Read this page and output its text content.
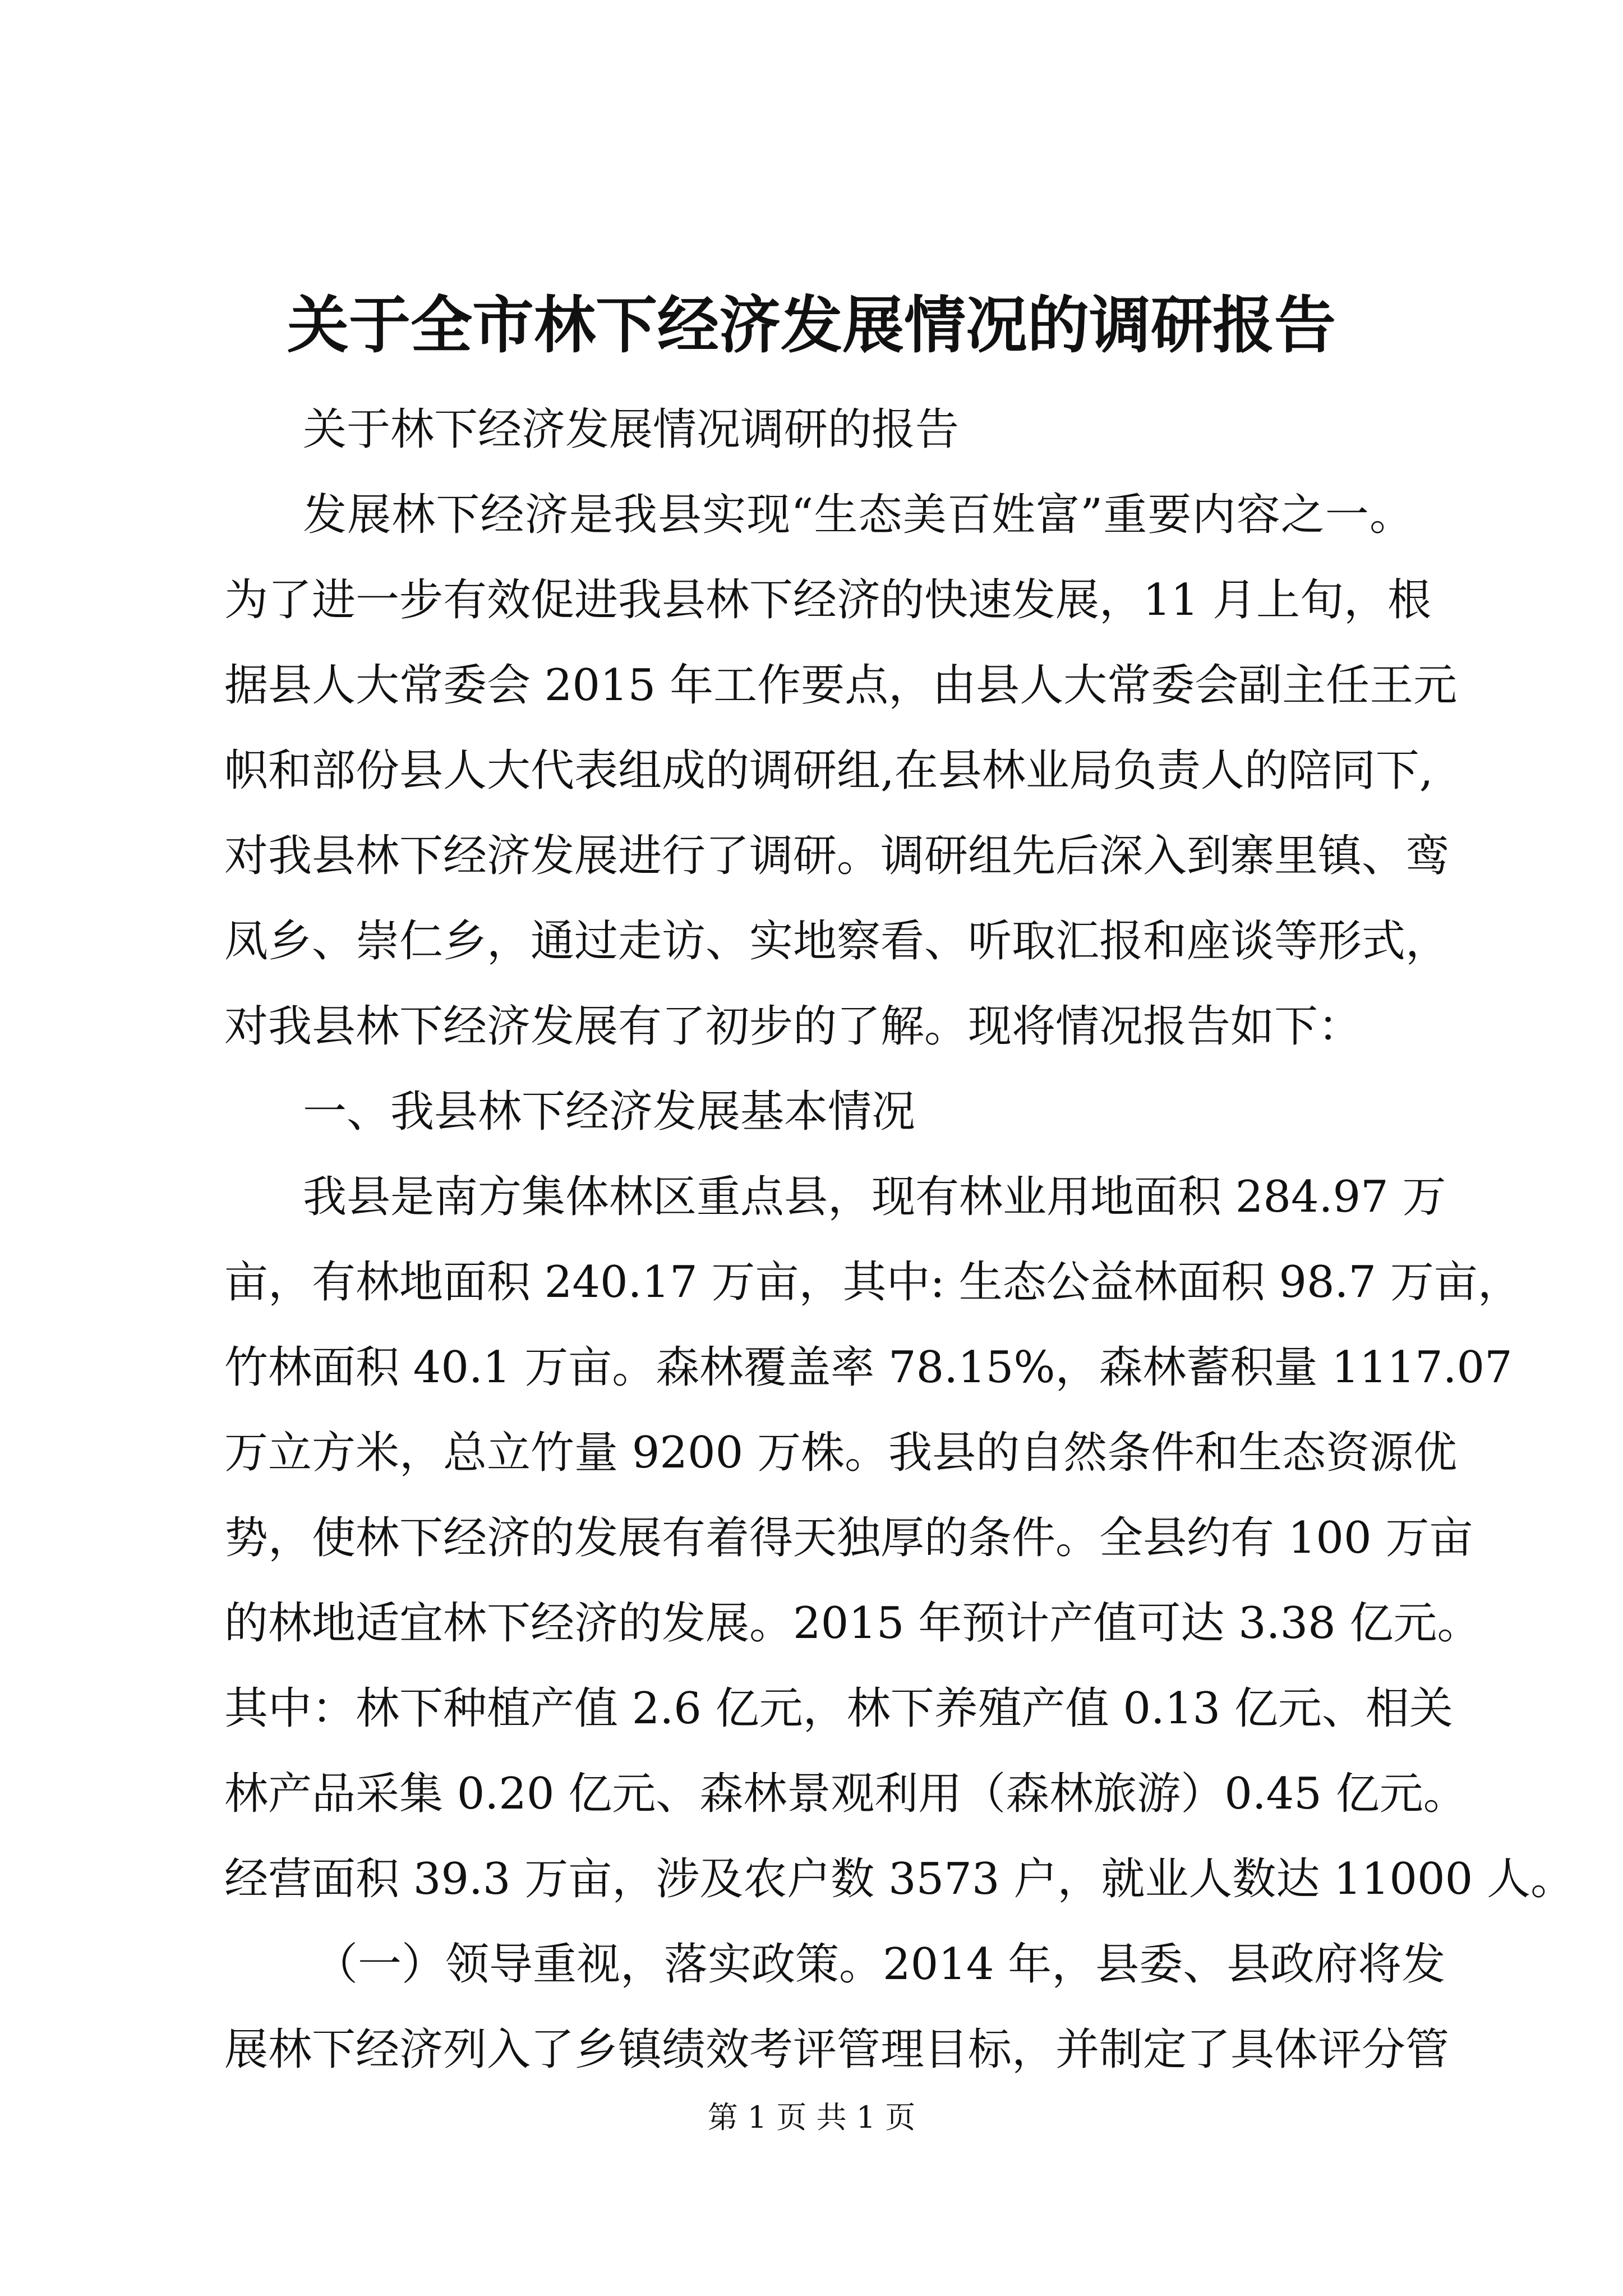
关于全市林下经济发展情况的调研报告
关于林下经济发展情况调研的报告
发展林下经济是我县实现“生态美百姓富”重要内容之一。
为了进一步有效促进我县林下经济的快速发展，11 月上旬，根
据县人大常委会 2015 年工作要点，由县人大常委会副主任王元
帜和部份县人大代表组成的调研组,在县林业局负责人的陪同下,
对我县林下经济发展进行了调研。调研组先后深入到寨里镇、鸾
凤乡、崇仁乡，通过走访、实地察看、听取汇报和座谈等形式，
对我县林下经济发展有了初步的了解。现将情况报告如下：
一、我县林下经济发展基本情况
我县是南方集体林区重点县，现有林业用地面积 284.97 万
亩，有林地面积 240.17 万亩，其中: 生态公益林面积 98.7 万亩，
竹林面积 40.1 万亩。森林覆盖率 78.15%，森林蓄积量 1117.07
万立方米，总立竹量 9200 万株。我县的自然条件和生态资源优
势，使林下经济的发展有着得天独厚的条件。全县约有 100 万亩
的林地适宜林下经济的发展。2015 年预计产值可达 3.38 亿元。
其中：林下种植产值 2.6 亿元，林下养殖产值 0.13 亿元、相关
林产品采集 0.20 亿元、森林景观利用（森林旅游）0.45 亿元。
经营面积 39.3 万亩，涉及农户数 3573 户，就业人数达 11000 人。
（一）领导重视，落实政策。2014 年，县委、县政府将发
展林下经济列入了乡镇绩效考评管理目标，并制定了具体评分管
第 1 页 共 1 页
